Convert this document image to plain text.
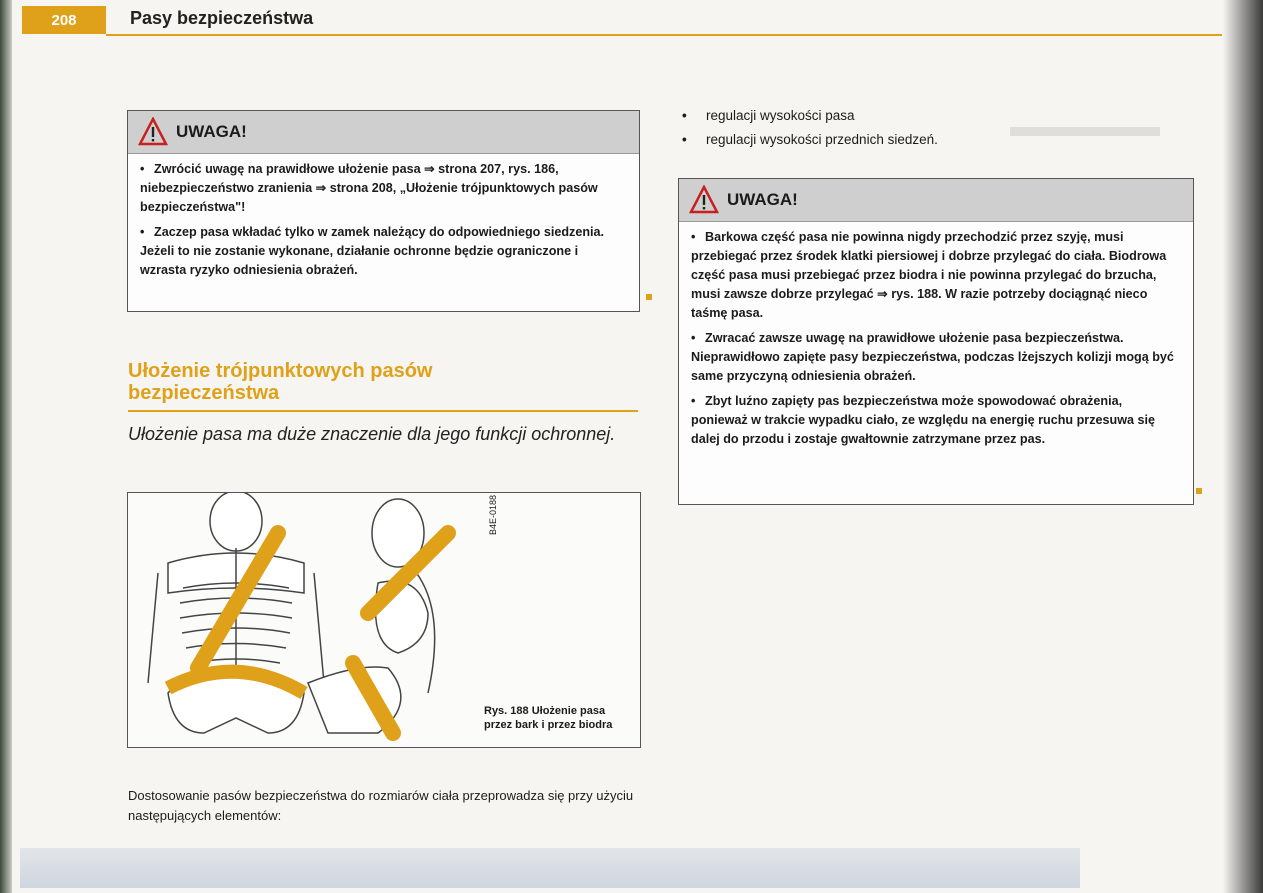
▬▬▬▬▬
208	Pasy bezpieczeństwa
UWAGA!

• Zwrócić uwagę na prawidłowe ułożenie pasa ⇒ strona 207, rys. 186, niebezpieczeństwo zranienia ⇒ strona 208, „Ułożenie trójpunktowych pasów bezpieczeństwa"!

• Zaczep pasa wkładać tylko w zamek należący do odpowiedniego siedzenia. Jeżeli to nie zostanie wykonane, działanie ochronne będzie ograniczone i wzrasta ryzyko odniesienia obrażeń.

Ułożenie trójpunktowych pasów bezpieczeństwa
Ułożenie pasa ma duże znaczenie dla jego funkcji ochronnej.
B4E-0188
Rys. 188 Ułożenie pasa przez bark i przez biodra
Dostosowanie pasów bezpieczeństwa do rozmiarów ciała przeprowadza się przy użyciu następujących elementów:
• regulacji wysokości pasa
• regulacji wysokości przednich siedzeń.
UWAGA!

• Barkowa część pasa nie powinna nigdy przechodzić przez szyję, musi przebiegać przez środek klatki piersiowej i dobrze przylegać do ciała. Biodrowa część pasa musi przebiegać przez biodra i nie powinna przylegać do brzucha, musi zawsze dobrze przylegać ⇒ rys. 188. W razie potrzeby dociągnąć nieco taśmę pasa.

• Zwracać zawsze uwagę na prawidłowe ułożenie pasa bezpieczeństwa. Nieprawidłowo zapięte pasy bezpieczeństwa, podczas lżejszych kolizji mogą być same przyczyną odniesienia obrażeń.

• Zbyt luźno zapięty pas bezpieczeństwa może spowodować obrażenia, ponieważ w trakcie wypadku ciało, ze względu na energię ruchu przesuwa się dalej do przodu i zostaje gwałtownie zatrzymane przez pas.
